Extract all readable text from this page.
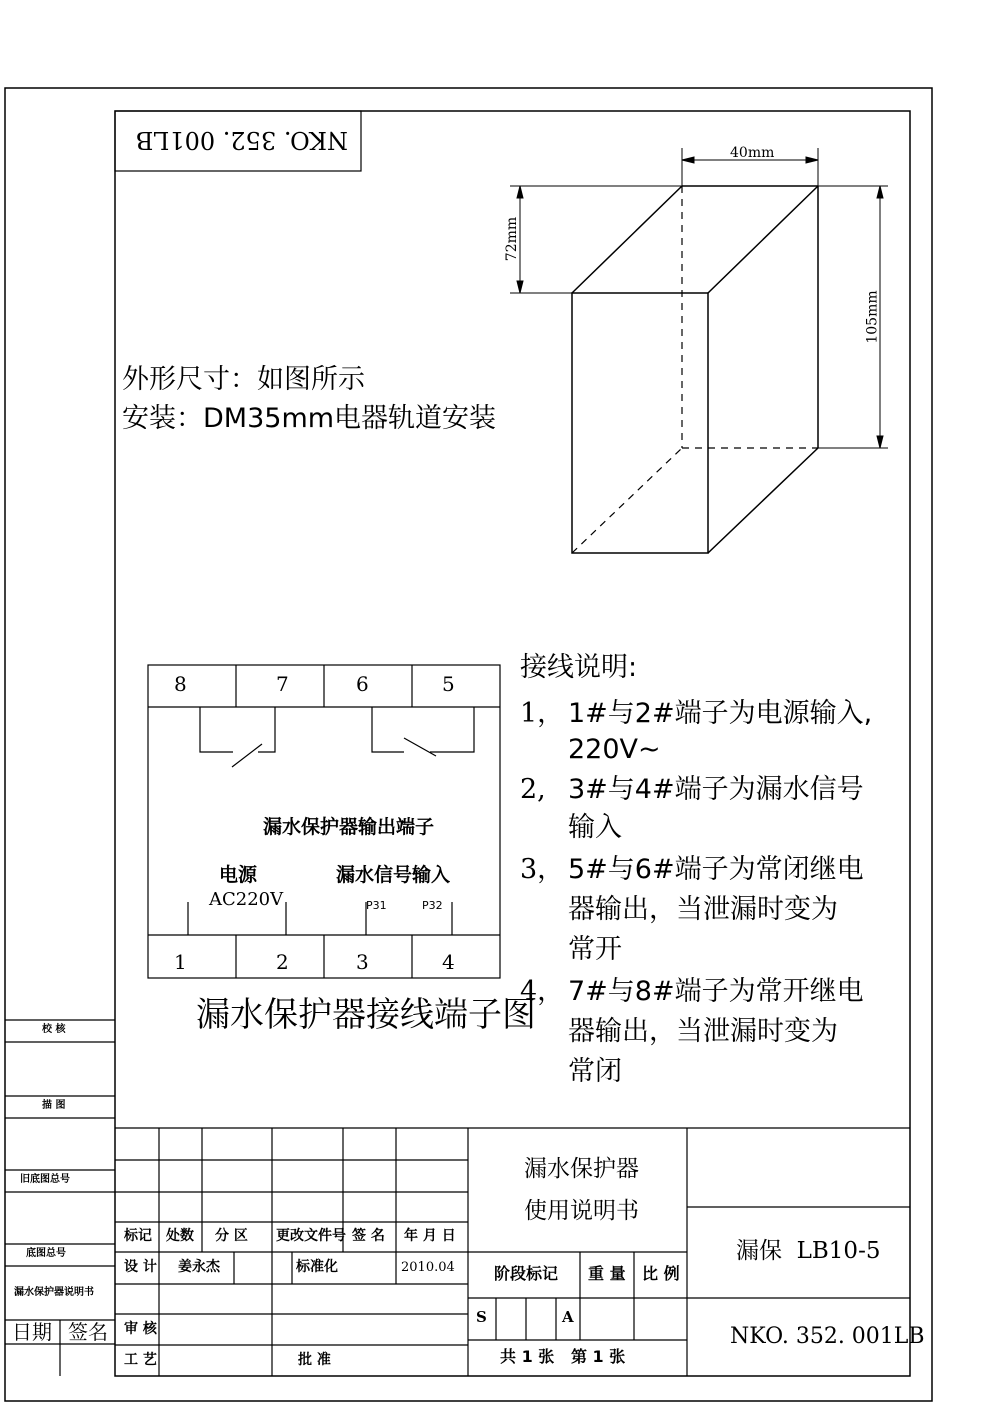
NKO. 352. 001LB	40mm
72mm
105mm
外形尺寸：如图所示
安装：DM35mm电器轨道安装
8	7	6	5
1	2	3	4
漏水保护器输出端子
电源
AC220V
漏水信号输入
P31	P32
漏水保护器接线端子图
接线说明:
1， 1#与2#端子为电源输入,
220V~
2, 3#与4#端子为漏水信号
输入
3， 5#与6#端子为常闭继电
器输出，当泄漏时变为
常开
4， 7#与8#端子为常开继电
器输出，当泄漏时变为
常闭
校 核
描 图
旧底图总号
底图总号
漏水保护器说明书
日期 签名
标记 处数 分 区 更改文件号 签 名 年 月 日
设 计 姜永杰	标准化	2010.04
审 核
工 艺	批 准
漏水保护器
使用说明书
阶段标记 重 量 比 例
S	A
共 1 张   第 1 张
漏保  LB10-5
NKO. 352. 001LB
